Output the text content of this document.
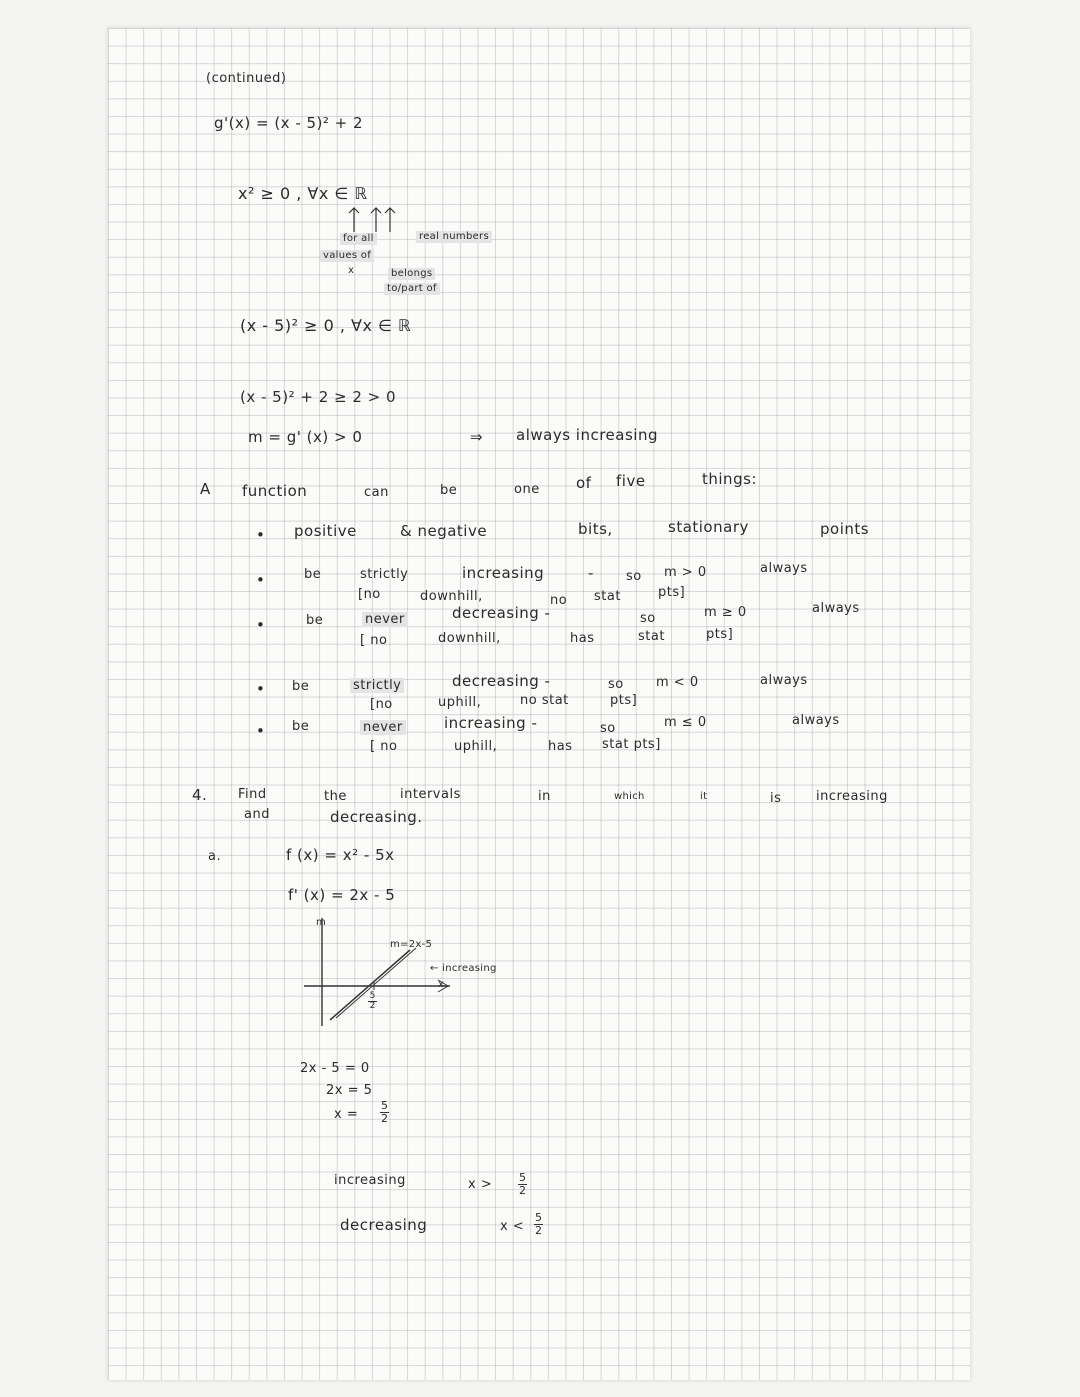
(continued)
g'(x) = (x - 5)² + 2
x² ≥ 0 , ∀x ∈ ℝ
for all	real numbers
values of
x	belongs
to/part of
(x - 5)² ≥ 0 , ∀x ∈ ℝ
(x - 5)² + 2 ≥ 2 > 0
m = g' (x) > 0	⇒ always increasing
A function	can	be	one of five	things:
• positive	& negative	bits,	stationary	points
•	be	strictly	increasing	- so m > 0	always
[no	downhill,	no stat	pts]
•	be	never	decreasing -	so	m ≥ 0	always
[ no	downhill,	has	stat	pts]
• be	strictly	decreasing -	so m < 0	always
[no	uphill,	no stat	pts]
• be	never	increasing -	so	m ≤ 0	always
[ no	uphill,	has stat pts]
4. Find	the	intervals	in	which	it	is	increasing
and	decreasing.
a.	f (x) = x² - 5x
f' (x) = 2x - 5
m
m=2x-5
← increasing
x
5
2
2x - 5 = 0
2x = 5
x =
5
2
increasing	x > 5
2
decreasing	x <
5
2
